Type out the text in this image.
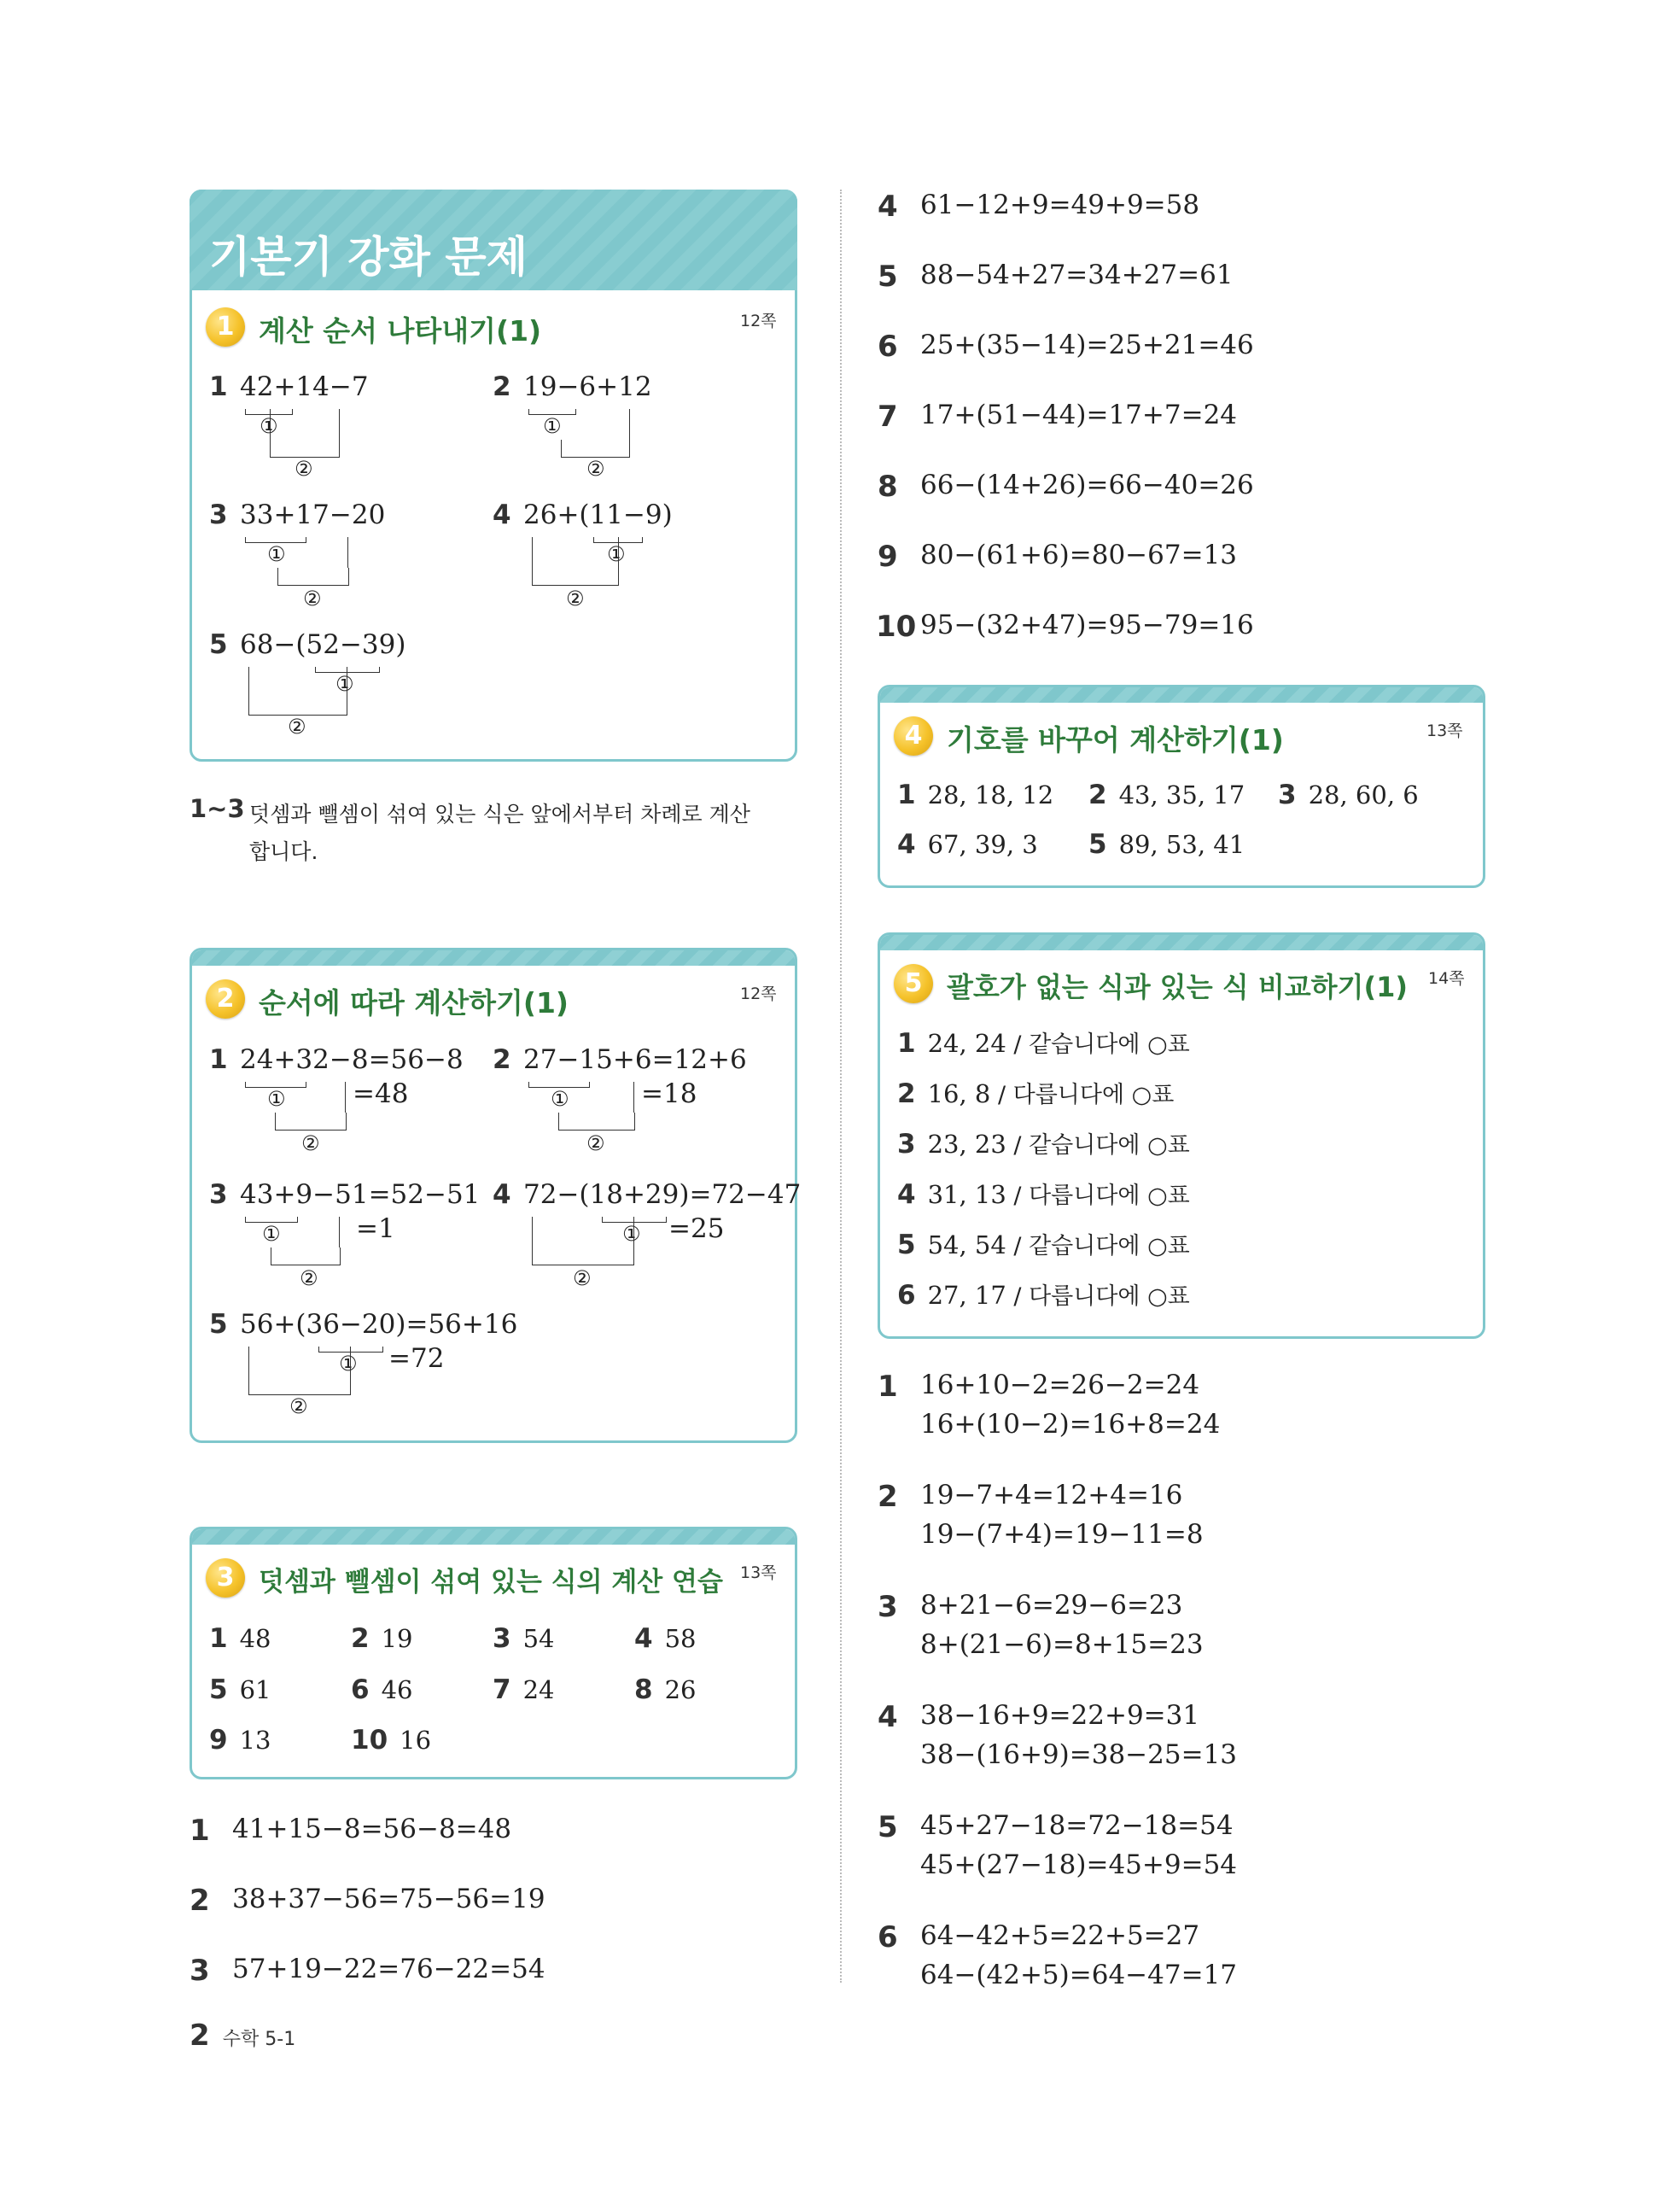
기본기 강화 문제
1 계산 순서 나타내기(1)	12쪽
1 42+14−7
①
②
2 19−6+12
①
②
3 33+17−20
①
②
4 26+(11−9)
①
②
5 68−(52−39)
①
②
1~3 덧셈과 뺄셈이 섞여 있는 식은 앞에서부터 차례로 계산
합니다.
2 순서에 따라 계산하기(1)	12쪽
1 24+32−8=56−8
①
②
=48
2 27−15+6=12+6
①
②
=18
3 43+9−51=52−51
①
②
=1
4 72−(18+29)=72−47
①
②
=25
5 56+(36−20)=56+16
①
②
=72
3 덧셈과 뺄셈이 섞여 있는 식의 계산 연습 13쪽
1 48	2 19	3 54	4 58
5 61	6 46	7 24	8 26
9 13	10 16
1 41+15−8=56−8=48
2 38+37−56=75−56=19
3 57+19−22=76−22=54
4 61−12+9=49+9=58
5 88−54+27=34+27=61
6 25+(35−14)=25+21=46
7 17+(51−44)=17+7=24
8 66−(14+26)=66−40=26
9 80−(61+6)=80−67=13
10 95−(32+47)=95−79=16
4 기호를 바꾸어 계산하기(1)	13쪽
1 28, 18, 12 2 43, 35, 17 3 28, 60, 6
4 67, 39, 3 5 89, 53, 41
5 괄호가 없는 식과 있는 식 비교하기(1) 14쪽
1 24, 24 / 같습니다에 ○표
2 16, 8 / 다릅니다에 ○표
3 23, 23 / 같습니다에 ○표
4 31, 13 / 다릅니다에 ○표
5 54, 54 / 같습니다에 ○표
6 27, 17 / 다릅니다에 ○표
1 16+10−2=26−2=24
16+(10−2)=16+8=24
2 19−7+4=12+4=16
19−(7+4)=19−11=8
3 8+21−6=29−6=23
8+(21−6)=8+15=23
4 38−16+9=22+9=31
38−(16+9)=38−25=13
5 45+27−18=72−18=54
45+(27−18)=45+9=54
6 64−42+5=22+5=27
64−(42+5)=64−47=17
2 수학 5-1
